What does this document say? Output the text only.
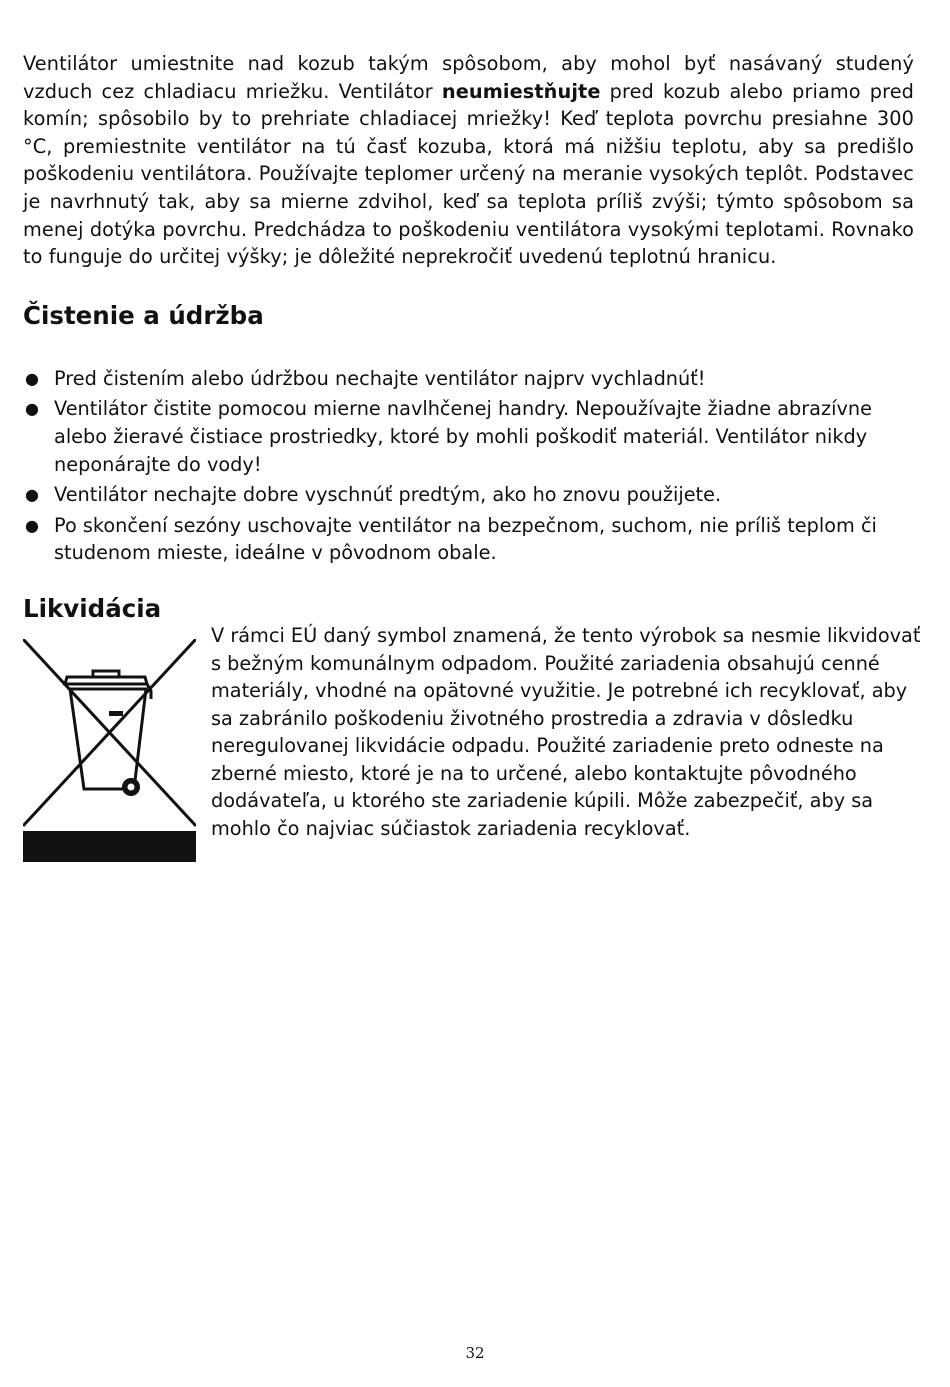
Ventilátor umiestnite nad kozub takým spôsobom, aby mohol byť nasávaný studený vzduch cez chladiacu mriežku. Ventilátor neumiestňujte pred kozub alebo priamo pred komín; spôsobilo by to prehriate chladiacej mriežky! Keď teplota povrchu presiahne 300 °C, premiestnite ventilátor na tú časť kozuba, ktorá má nižšiu teplotu, aby sa predišlo poškodeniu ventilátora. Používajte teplomer určený na meranie vysokých teplôt. Podstavec je navrhnutý tak, aby sa mierne zdvihol, keď sa teplota príliš zvýši; týmto spôsobom sa menej dotýka povrchu. Predchádza to poškodeniu ventilátora vysokými teplotami. Rovnako to funguje do určitej výšky; je dôležité neprekročiť uvedenú teplotnú hranicu.

Čistenie a údržba
● Pred čistením alebo údržbou nechajte ventilátor najprv vychladnúť!
● Ventilátor čistite pomocou mierne navlhčenej handry. Nepoužívajte žiadne abrazívne alebo žieravé čistiace prostriedky, ktoré by mohli poškodiť materiál. Ventilátor nikdy neponárajte do vody!
● Ventilátor nechajte dobre vyschnúť predtým, ako ho znovu použijete.
● Po skončení sezóny uschovajte ventilátor na bezpečnom, suchom, nie príliš teplom či studenom mieste, ideálne v pôvodnom obale.
Likvidácia

V rámci EÚ daný symbol znamená, že tento výrobok sa nesmie likvidovať s bežným komunálnym odpadom. Použité zariadenia obsahujú cenné materiály, vhodné na opätovné využitie. Je potrebné ich recyklovať, aby sa zabránilo poškodeniu životného prostredia a zdravia v dôsledku neregulovanej likvidácie odpadu. Použité zariadenie preto odneste na zberné miesto, ktoré je na to určené, alebo kontaktujte pôvodného dodávateľa, u ktorého ste zariadenie kúpili. Môže zabezpečiť, aby sa mohlo čo najviac súčiastok zariadenia recyklovať.

32
